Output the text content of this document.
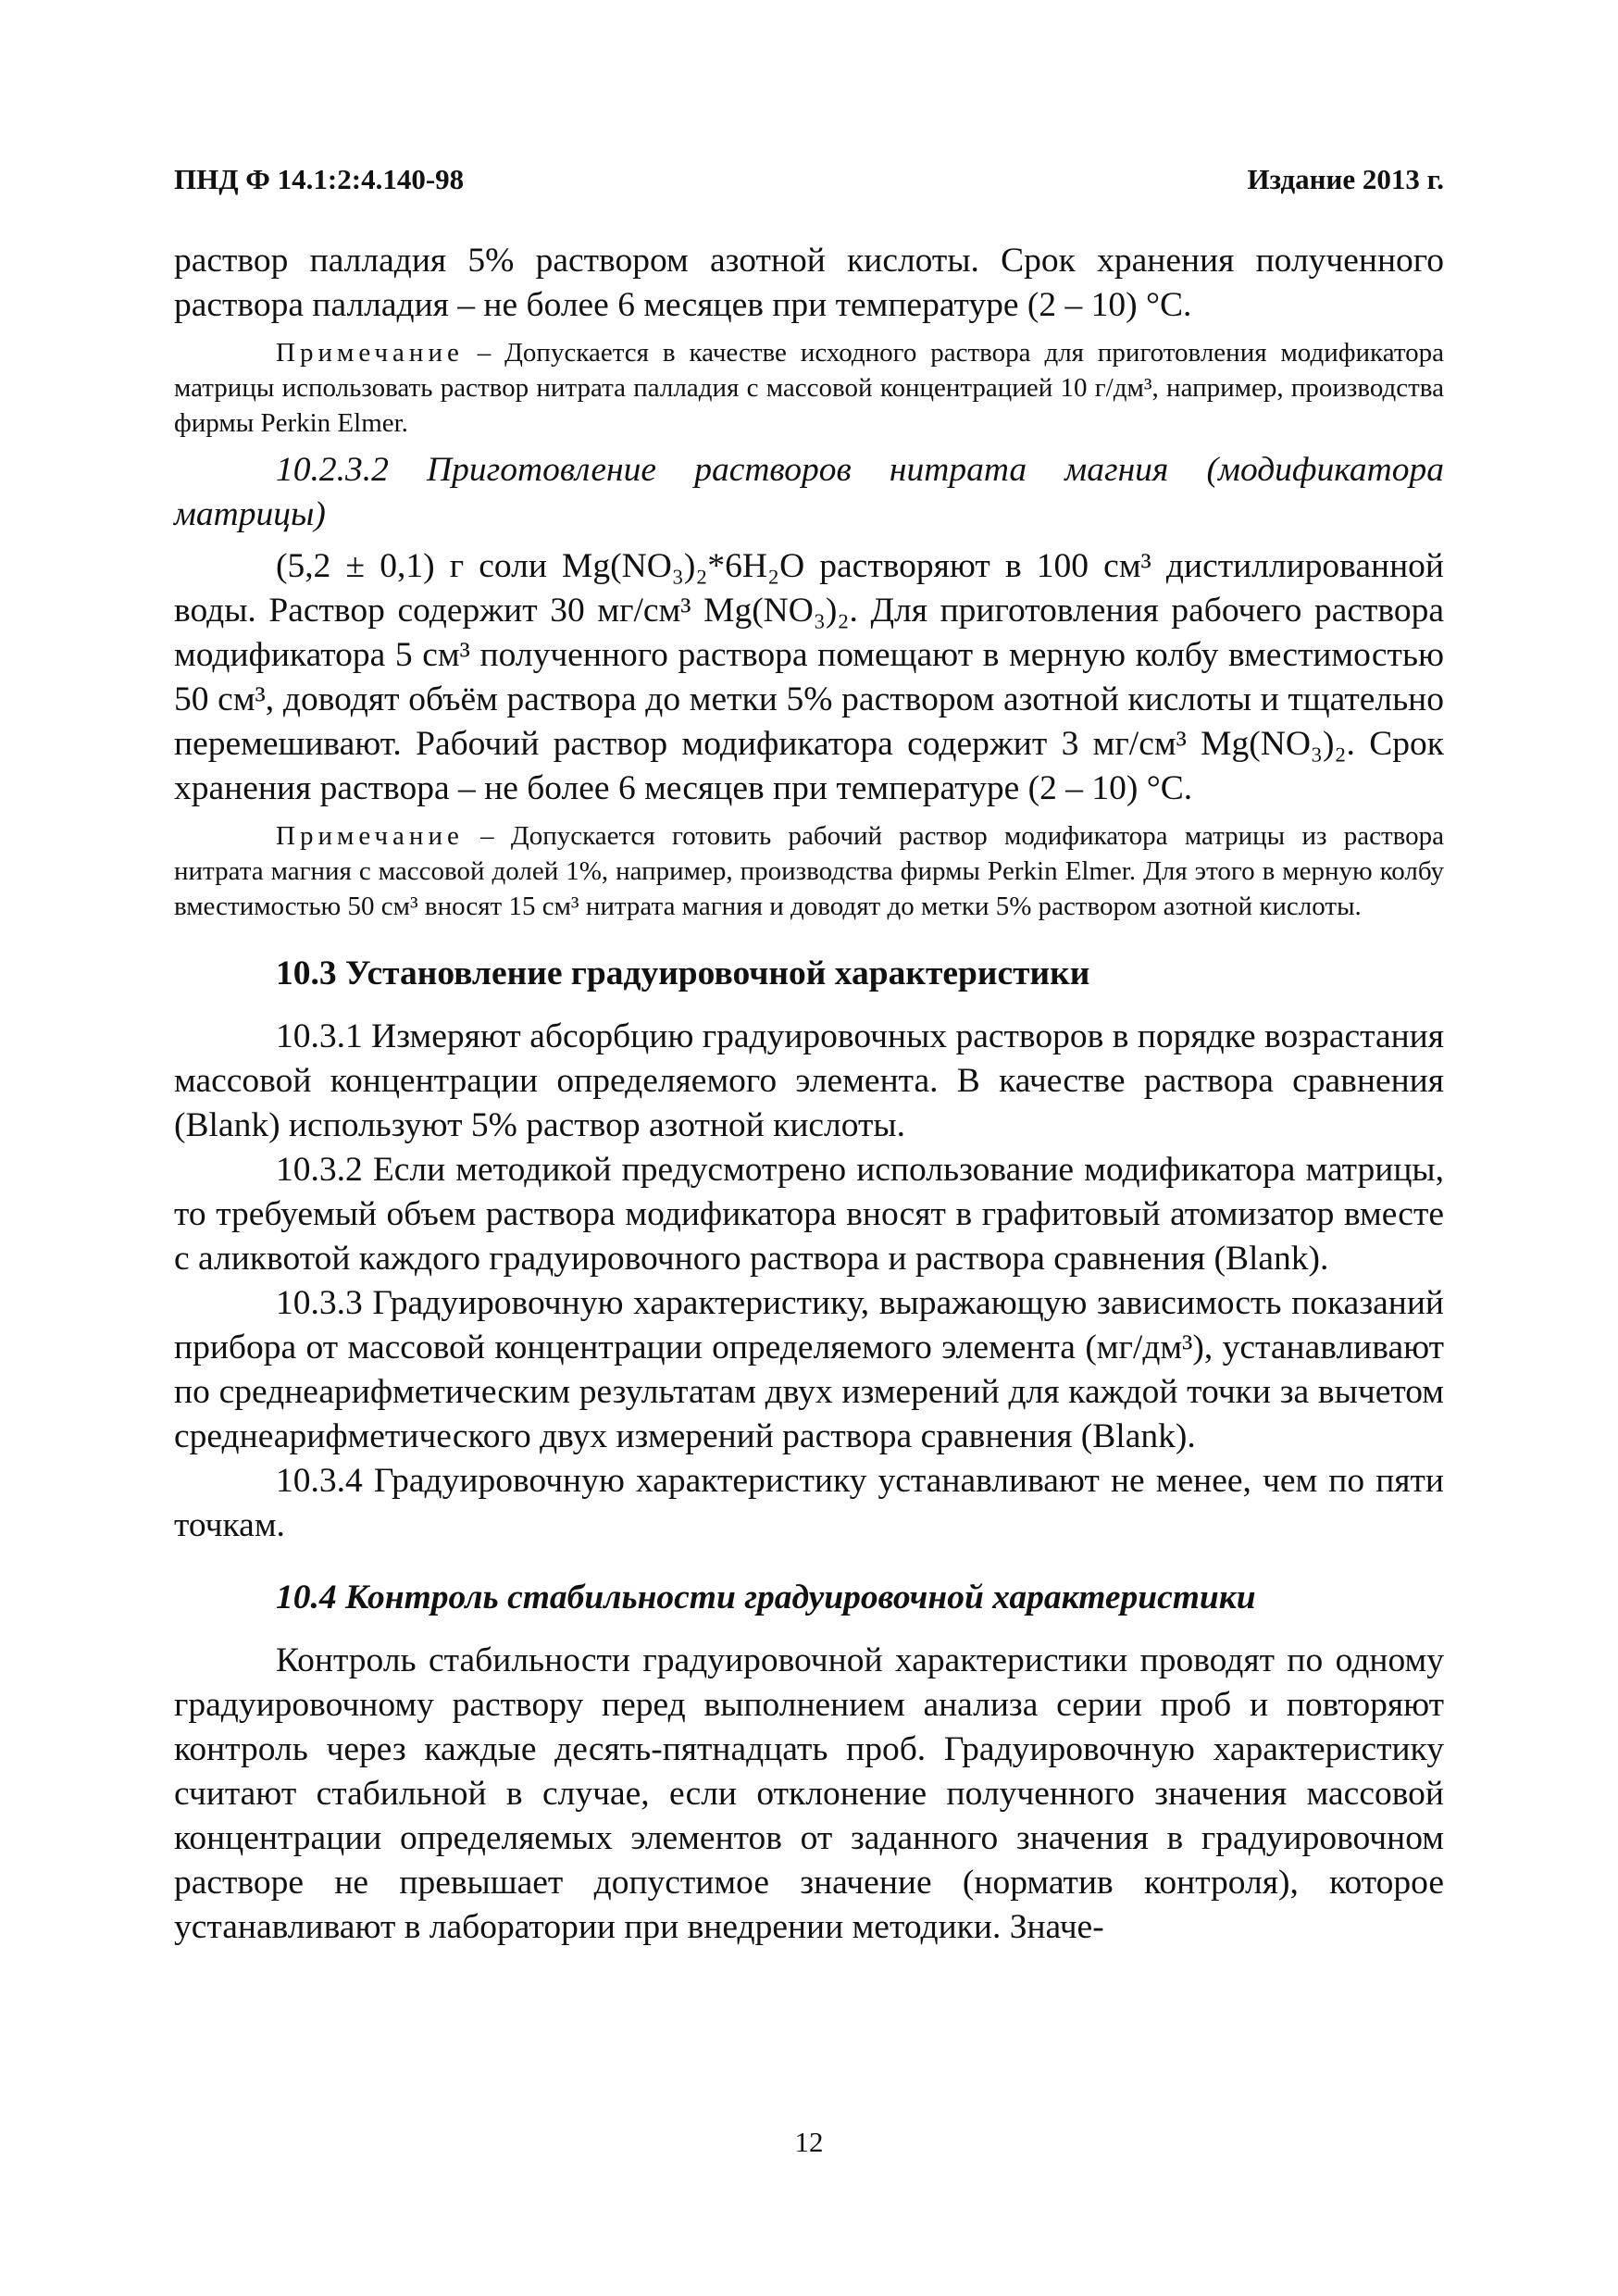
ПНД Ф 14.1:2:4.140-98	Издание 2013 г.

раствор палладия 5% раствором азотной кислоты. Срок хранения полученного раствора палладия – не более 6 месяцев при температуре (2 – 10) °С.

Примечание – Допускается в качестве исходного раствора для приготовления модификатора матрицы использовать раствор нитрата палладия с массовой концентрацией 10 г/дм³, например, производства фирмы Perkin Elmer.

10.2.3.2 Приготовление растворов нитрата магния (модификатора матрицы)

(5,2 ± 0,1) г соли Mg(NO₃)₂*6H₂O растворяют в 100 см³ дистиллированной воды. Раствор содержит 30 мг/см³ Mg(NO₃)₂. Для приготовления рабочего раствора модификатора 5 см³ полученного раствора помещают в мерную колбу вместимостью 50 см³, доводят объём раствора до метки 5% раствором азотной кислоты и тщательно перемешивают. Рабочий раствор модификатора содержит 3 мг/см³ Mg(NO₃)₂. Срок хранения раствора – не более 6 месяцев при температуре (2 – 10) °С.

Примечание – Допускается готовить рабочий раствор модификатора матрицы из раствора нитрата магния с массовой долей 1%, например, производства фирмы Perkin Elmer. Для этого в мерную колбу вместимостью 50 см³ вносят 15 см³ нитрата магния и доводят до метки 5% раствором азотной кислоты.

10.3 Установление градуировочной характеристики

10.3.1 Измеряют абсорбцию градуировочных растворов в порядке возрастания массовой концентрации определяемого элемента. В качестве раствора сравнения (Blank) используют 5% раствор азотной кислоты.

10.3.2 Если методикой предусмотрено использование модификатора матрицы, то требуемый объем раствора модификатора вносят в графитовый атомизатор вместе с аликвотой каждого градуировочного раствора и раствора сравнения (Blank).

10.3.3 Градуировочную характеристику, выражающую зависимость показаний прибора от массовой концентрации определяемого элемента (мг/дм³), устанавливают по среднеарифметическим результатам двух измерений для каждой точки за вычетом среднеарифметического двух измерений раствора сравнения (Blank).

10.3.4 Градуировочную характеристику устанавливают не менее, чем по пяти точкам.

10.4 Контроль стабильности градуировочной характеристики

Контроль стабильности градуировочной характеристики проводят по одному градуировочному раствору перед выполнением анализа серии проб и повторяют контроль через каждые десять-пятнадцать проб. Градуировочную характеристику считают стабильной в случае, если отклонение полученного значения массовой концентрации определяемых элементов от заданного значения в градуировочном растворе не превышает допустимое значение (норматив контроля), которое устанавливают в лаборатории при внедрении методики. Значе-

12
